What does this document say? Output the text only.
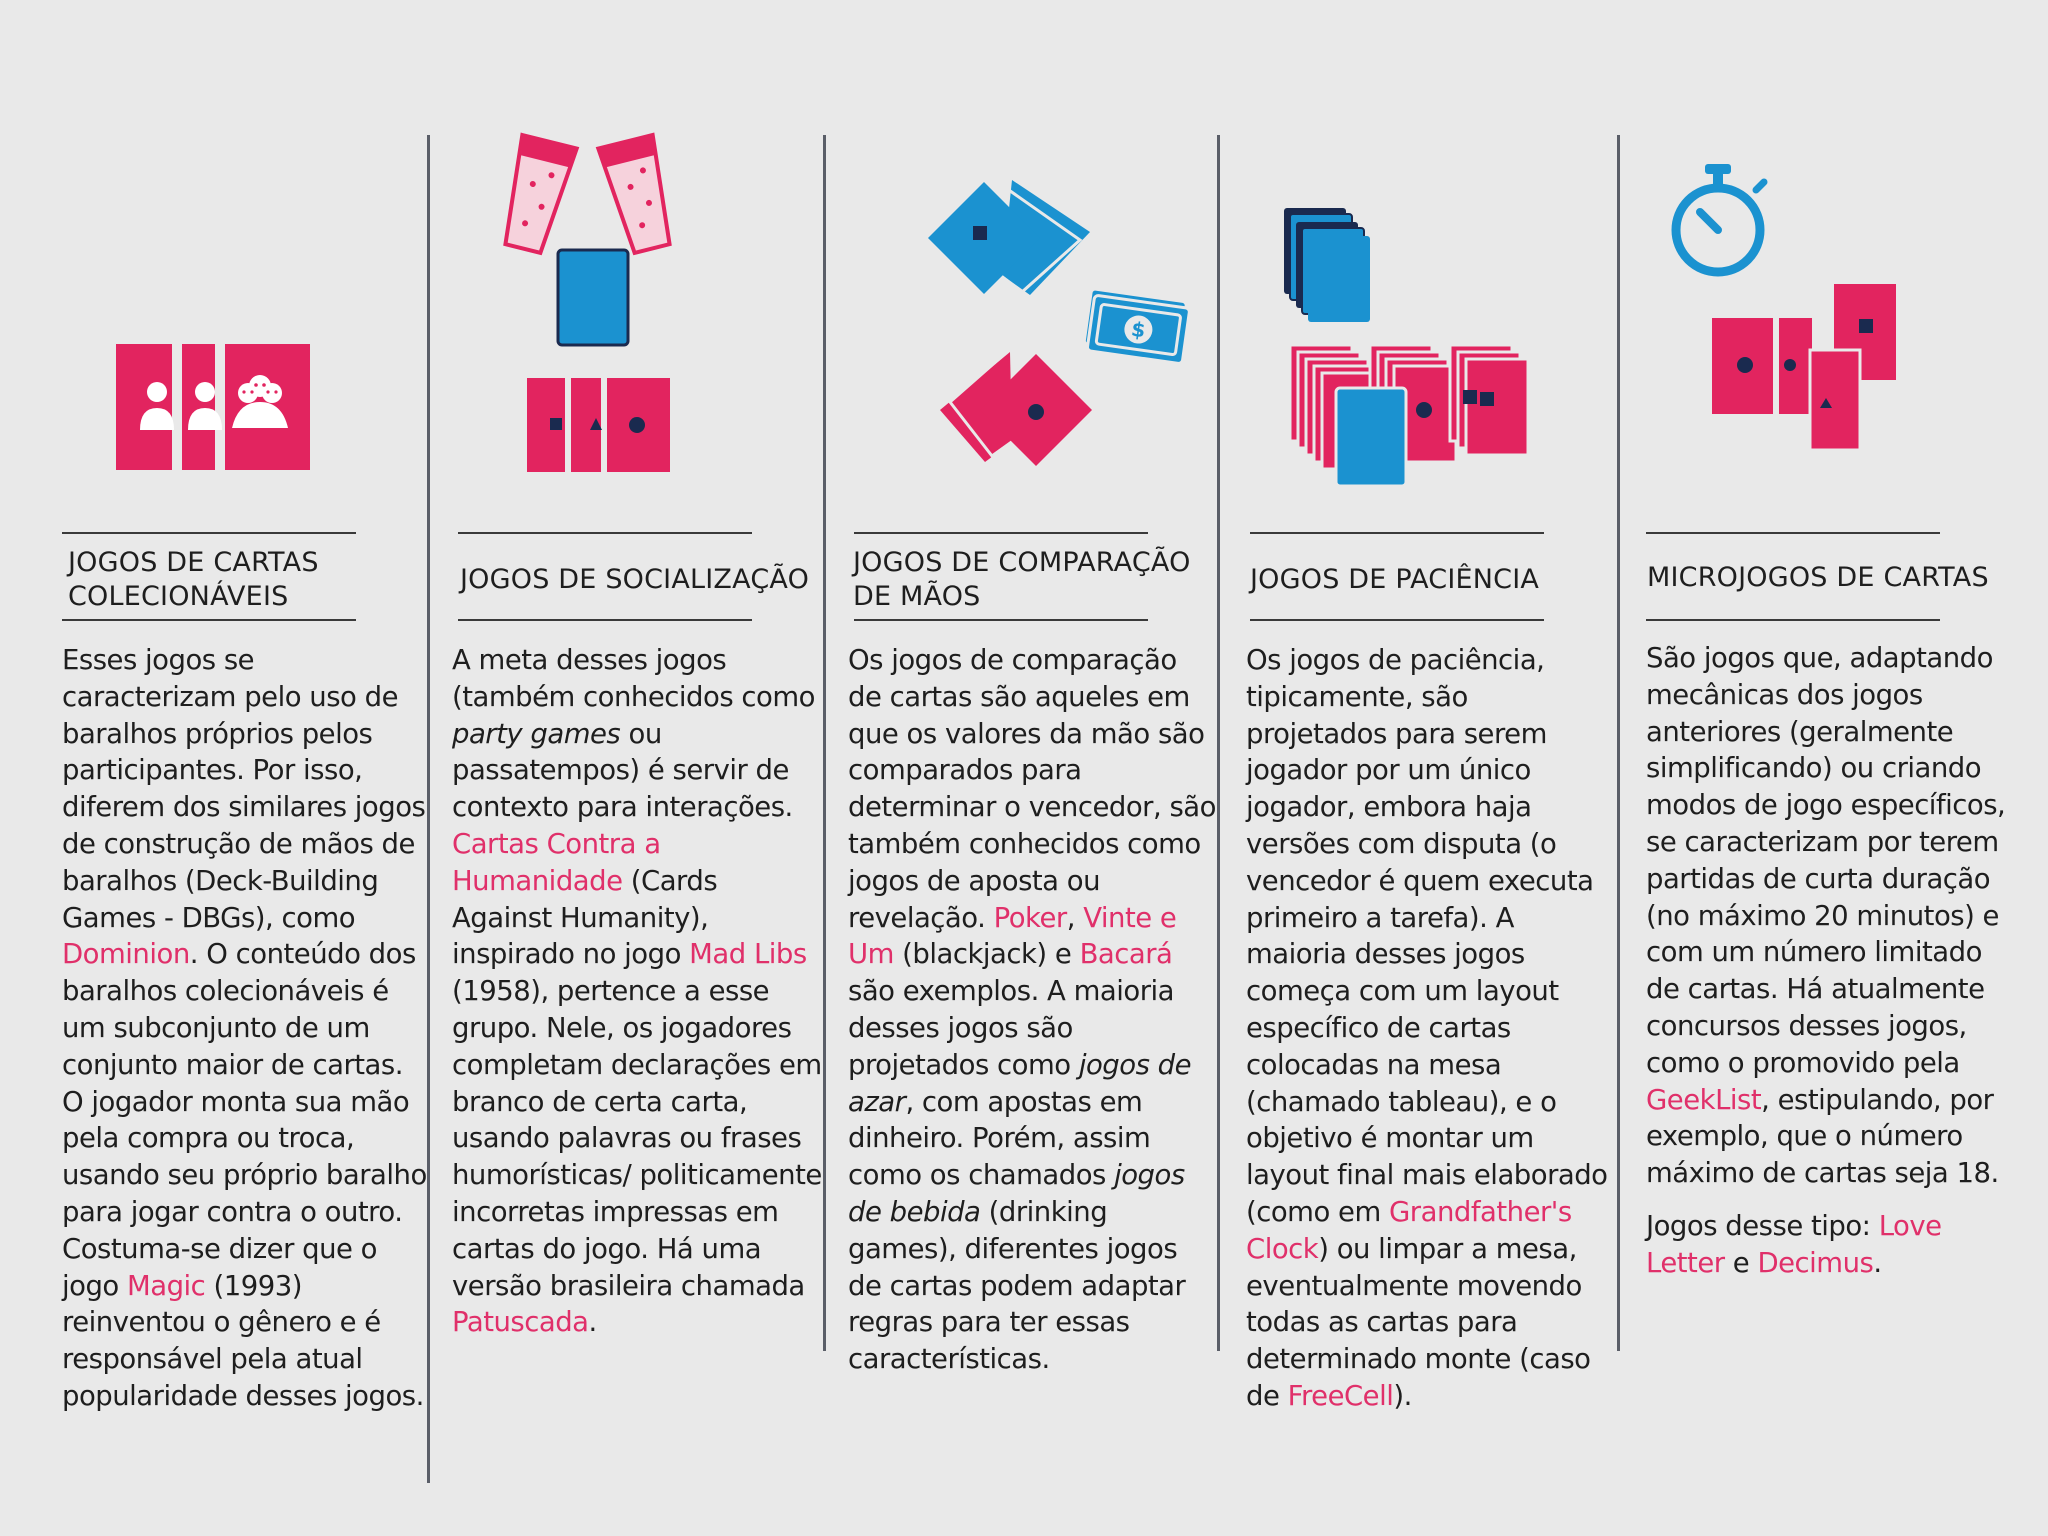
JOGOS DE CARTAS COLECIONÁVEIS

Esses jogos se caracterizam pelo uso de baralhos próprios pelos participantes. Por isso, diferem dos similares jogos de construção de mãos de baralhos (Deck-Building Games - DBGs), como Dominion. O conteúdo dos baralhos colecionáveis é um subconjunto de um conjunto maior de cartas. O jogador monta sua mão pela compra ou troca, usando seu próprio baralho para jogar contra o outro. Costuma-se dizer que o jogo Magic (1993) reinventou o gênero e é responsável pela atual popularidade desses jogos.

JOGOS DE SOCIALIZAÇÃO

A meta desses jogos (também conhecidos como party games ou passatempos) é servir de contexto para interações. Cartas Contra a Humanidade (Cards Against Humanity), inspirado no jogo Mad Libs (1958), pertence a esse grupo. Nele, os jogadores completam declarações em branco de certa carta, usando palavras ou frases humorísticas/ politicamente incorretas impressas em cartas do jogo. Há uma versão brasileira chamada Patuscada.

$
JOGOS DE COMPARAÇÃO DE MÃOS

Os jogos de comparação de cartas são aqueles em que os valores da mão são comparados para determinar o vencedor, são também conhecidos como jogos de aposta ou revelação. Poker, Vinte e Um (blackjack) e Bacará são exemplos. A maioria desses jogos são projetados como jogos de azar, com apostas em dinheiro. Porém, assim como os chamados jogos de bebida (drinking games), diferentes jogos de cartas podem adaptar regras para ter essas características.

JOGOS DE PACIÊNCIA

Os jogos de paciência, tipicamente, são projetados para serem jogador por um único jogador, embora haja versões com disputa (o vencedor é quem executa primeiro a tarefa). A maioria desses jogos começa com um layout específico de cartas colocadas na mesa (chamado tableau), e o objetivo é montar um layout final mais elaborado (como em Grandfather's Clock) ou limpar a mesa, eventualmente movendo todas as cartas para determinado monte (caso de FreeCell).

MICROJOGOS DE CARTAS

São jogos que, adaptando mecânicas dos jogos anteriores (geralmente simplificando) ou criando modos de jogo específicos, se caracterizam por terem partidas de curta duração (no máximo 20 minutos) e com um número limitado de cartas. Há atualmente concursos desses jogos, como o promovido pela GeekList, estipulando, por exemplo, que o número máximo de cartas seja 18.

Jogos desse tipo: Love Letter e Decimus.
